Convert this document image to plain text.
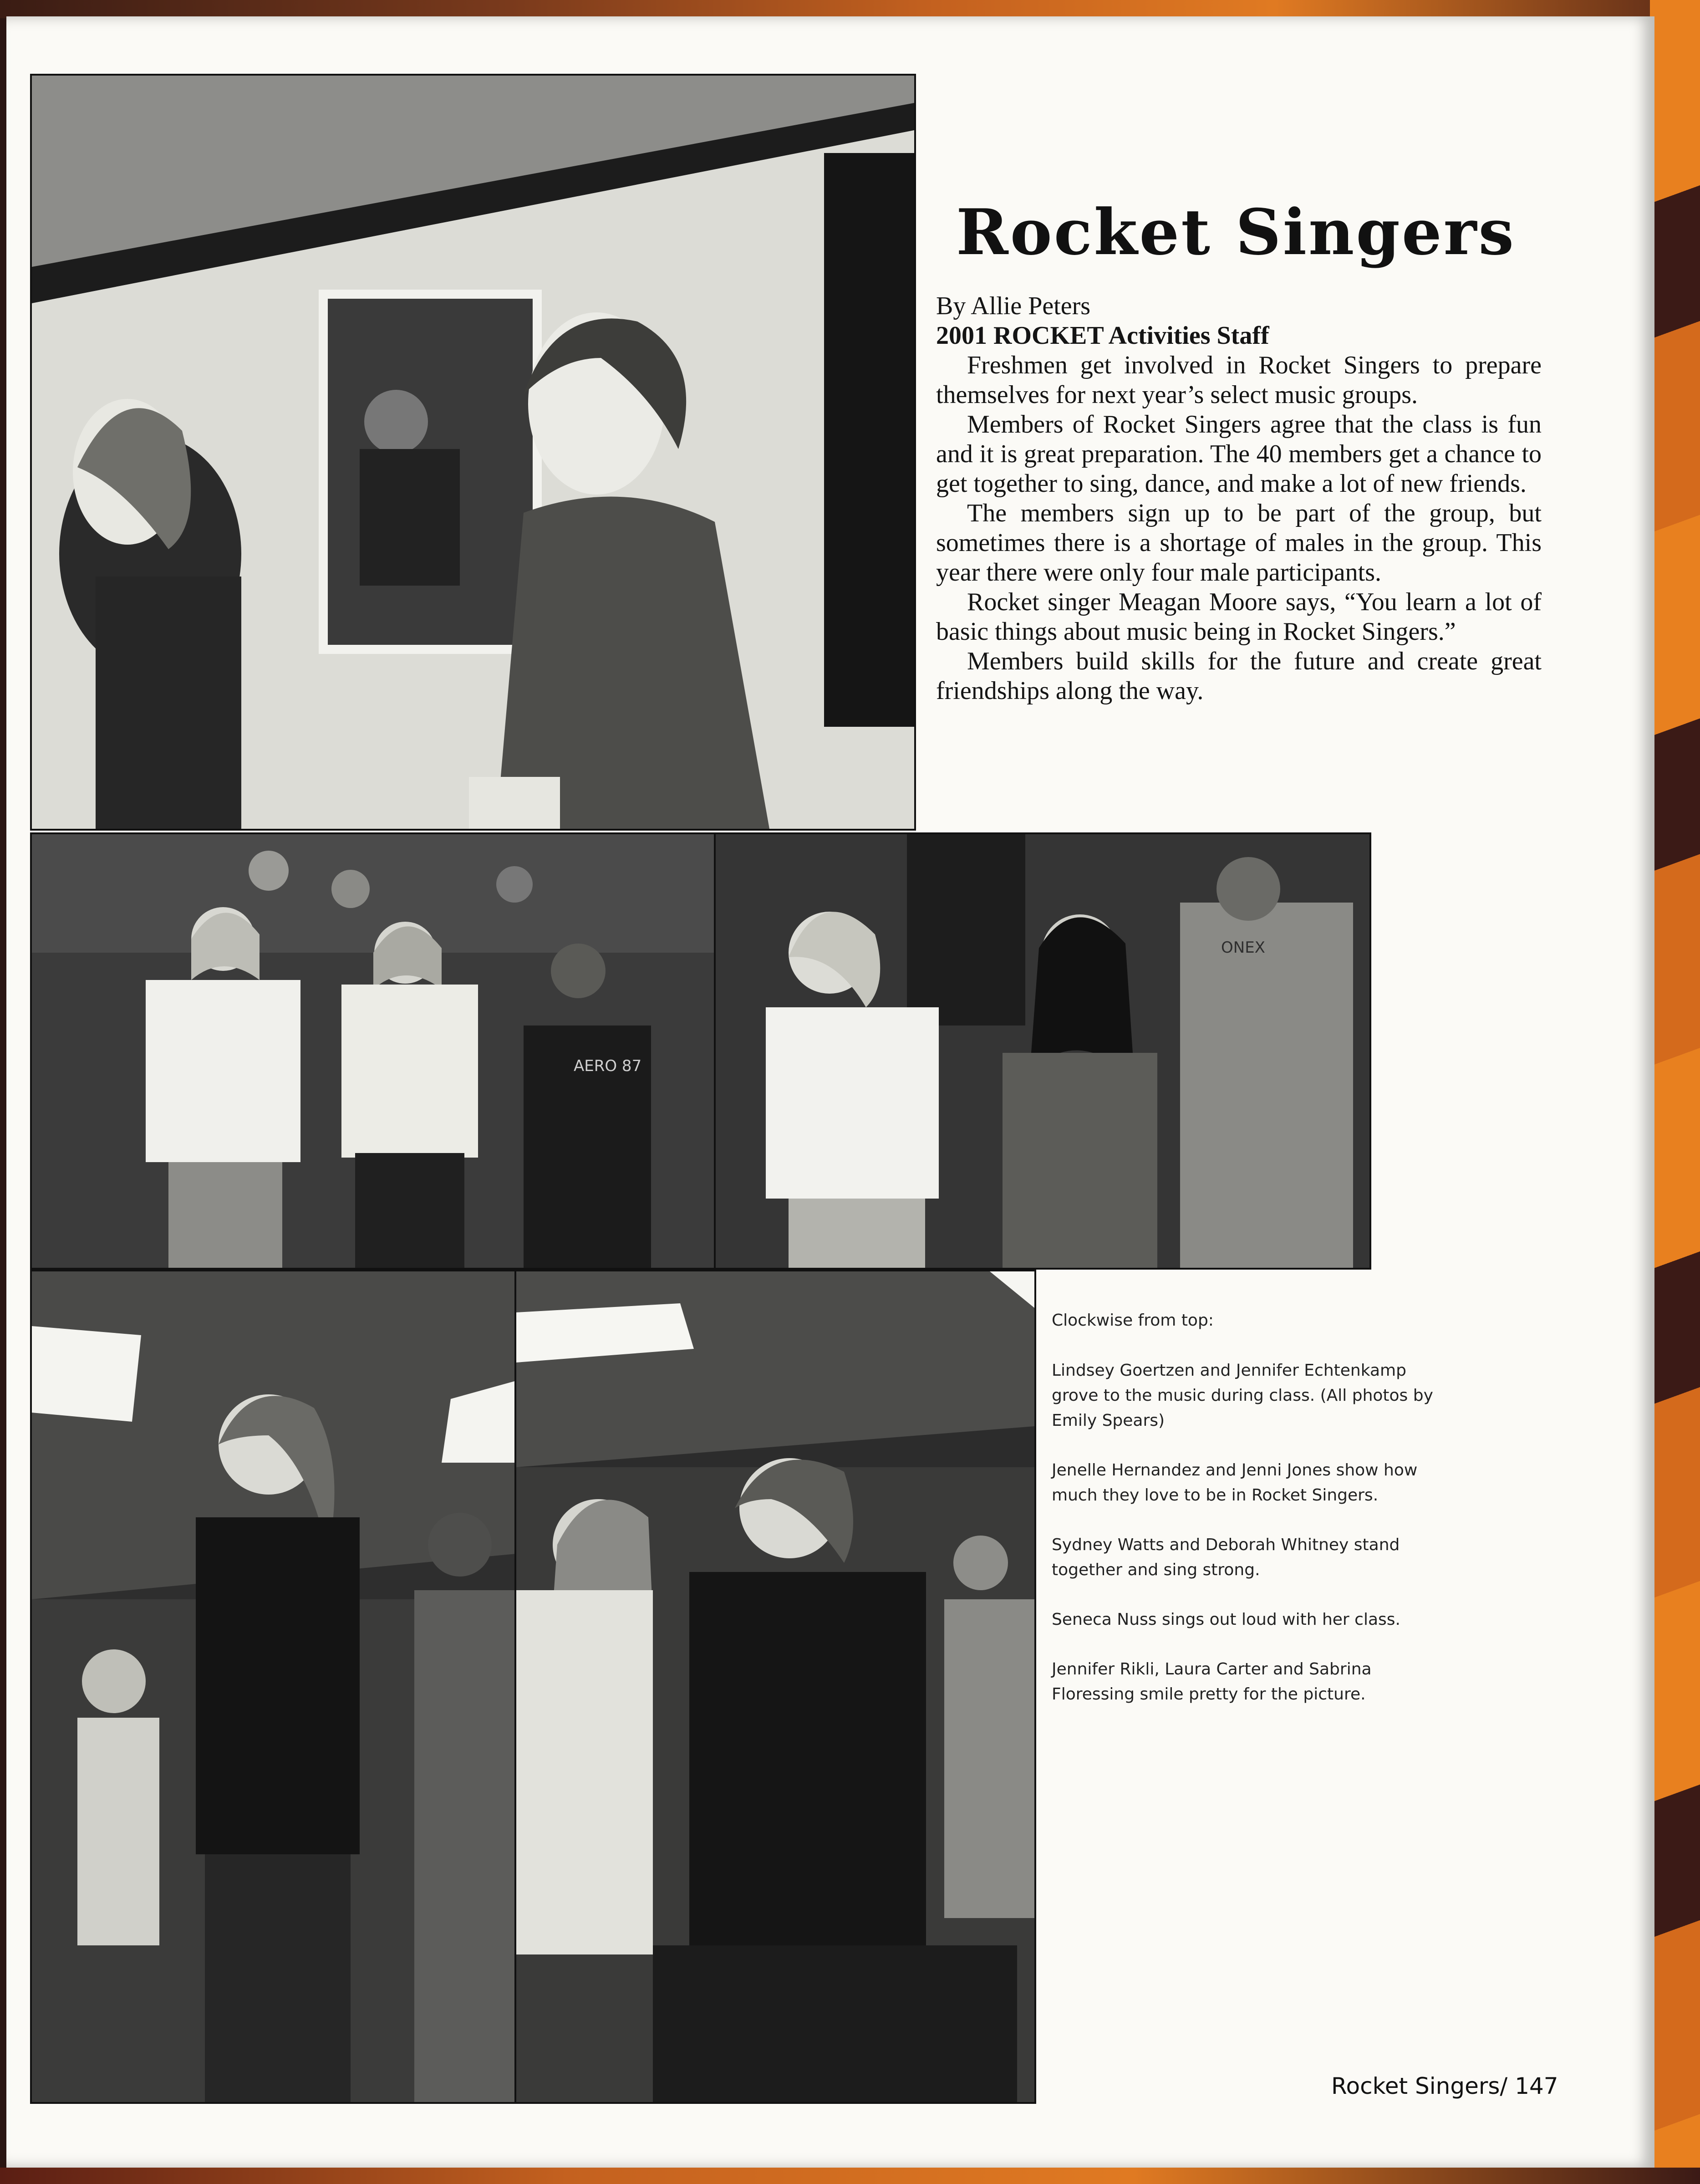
AERO 87
ONEX
Rocket Singers

By Allie Peters

2001 ROCKET Activities Staff

Freshmen get involved in Rocket Singers to prepare themselves for next year’s select music groups.

Members of Rocket Singers agree that the class is fun and it is great preparation. The 40 members get a chance to get together to sing, dance, and make a lot of new friends.

The members sign up to be part of the group, but sometimes there is a shortage of males in the group. This year there were only four male participants.

Rocket singer Meagan Moore says, “You learn a lot of basic things about music being in Rocket Singers.”

Members build skills for the future and create great friendships along the way.

Clockwise from top:

Lindsey Goertzen and Jennifer Echtenkamp grove to the music during class. (All photos by Emily Spears)

Jenelle Hernandez and Jenni Jones show how much they love to be in Rocket Singers.

Sydney Watts and Deborah Whitney stand together and sing strong.

Seneca Nuss sings out loud with her class.

Jennifer Rikli, Laura Carter and Sabrina Floressing smile pretty for the picture.

Rocket Singers/ 147
